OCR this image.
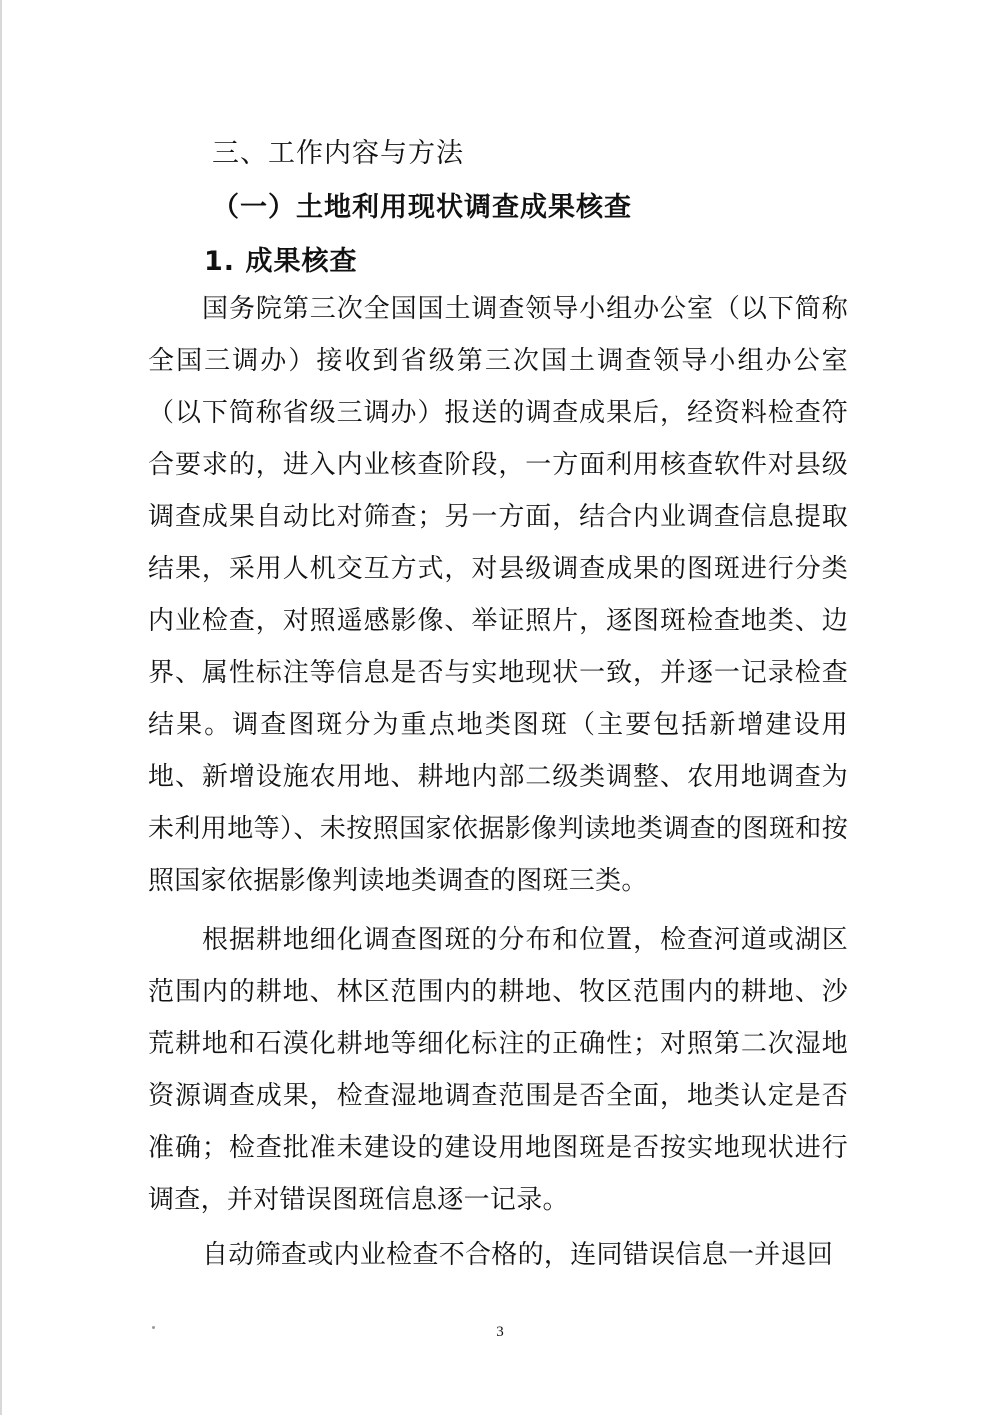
三、工作内容与方法
（一）土地利用现状调查成果核查
1. 成果核查

国务院第三次全国国土调查领导小组办公室（以下简称全国三调办）接收到省级第三次国土调查领导小组办公室（以下简称省级三调办）报送的调查成果后，经资料检查符合要求的，进入内业核查阶段，一方面利用核查软件对县级调查成果自动比对筛查；另一方面，结合内业调查信息提取结果，采用人机交互方式，对县级调查成果的图斑进行分类内业检查，对照遥感影像、举证照片，逐图斑检查地类、边界、属性标注等信息是否与实地现状一致，并逐一记录检查结果。调查图斑分为重点地类图斑（主要包括新增建设用地、新增设施农用地、耕地内部二级类调整、农用地调查为未利用地等）、未按照国家依据影像判读地类调查的图斑和按照国家依据影像判读地类调查的图斑三类。

根据耕地细化调查图斑的分布和位置，检查河道或湖区范围内的耕地、林区范围内的耕地、牧区范围内的耕地、沙荒耕地和石漠化耕地等细化标注的正确性；对照第二次湿地资源调查成果，检查湿地调查范围是否全面，地类认定是否准确；检查批准未建设的建设用地图斑是否按实地现状进行调查，并对错误图斑信息逐一记录。

自动筛查或内业检查不合格的，连同错误信息一并退回

3
